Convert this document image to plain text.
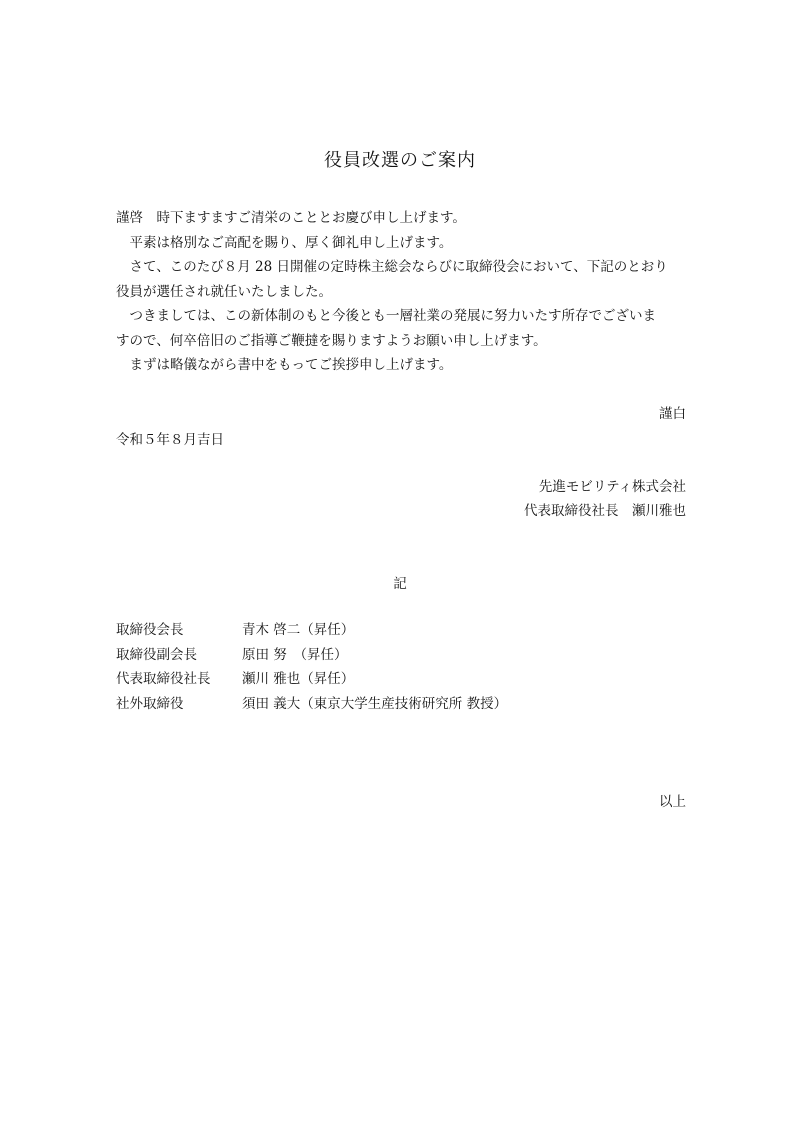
役員改選のご案内

謹啓　時下ますますご清栄のこととお慶び申し上げます。

　平素は格別なご高配を賜り、厚く御礼申し上げます。

　さて、このたび８月 28 日開催の定時株主総会ならびに取締役会において、下記のとおり

役員が選任され就任いたしました。

　つきましては、この新体制のもと今後とも一層社業の発展に努力いたす所存でございま

すので、何卒倍旧のご指導ご鞭撻を賜りますようお願い申し上げます。

　まずは略儀ながら書中をもってご挨拶申し上げます。

謹白
令和５年８月吉日
先進モビリティ株式会社
代表取締役社長　瀬川雅也
記
取締役会長	青木 啓二（昇任）
取締役副会長	原田 努　（昇任）
代表取締役社長	瀬川 雅也（昇任）
社外取締役	須田 義大（東京大学生産技術研究所 教授）
以上
